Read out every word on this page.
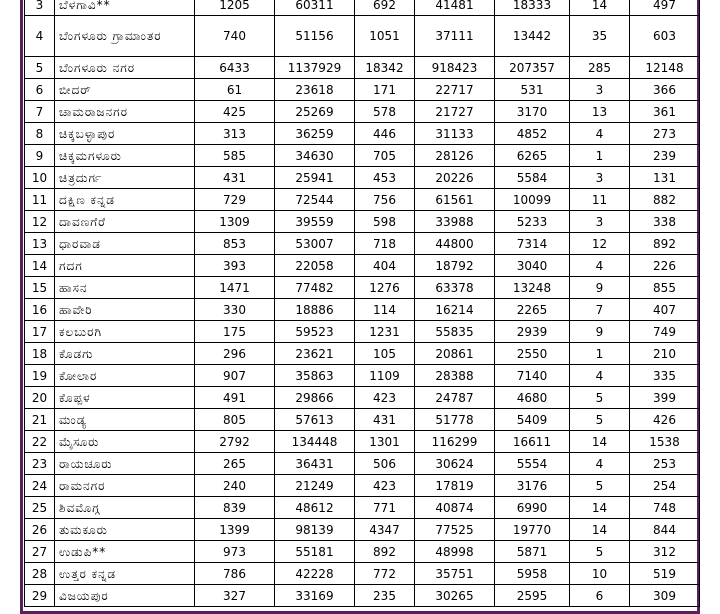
3	ಬೆಳಗಾವಿ**	1205	60311	692	41481	18333	14	497	
4	ಬೆಂಗಳೂರು ಗ್ರಾಮಾಂತರ	740	51156	1051	37111	13442	35	603	
5	ಬೆಂಗಳೂರು ನಗರ	6433	1137929	18342	918423	207357	285	12148	
6	ಬೀದರ್	61	23618	171	22717	531	3	366	
7	ಚಾಮರಾಜನಗರ	425	25269	578	21727	3170	13	361	
8	ಚಿಕ್ಕಬಳ್ಳಾಪುರ	313	36259	446	31133	4852	4	273	
9	ಚಿಕ್ಕಮಗಳೂರು	585	34630	705	28126	6265	1	239	
10	ಚಿತ್ರದುರ್ಗ	431	25941	453	20226	5584	3	131	
11	ದಕ್ಷಿಣ ಕನ್ನಡ	729	72544	756	61561	10099	11	882	
12	ದಾವಣಗೆರೆ	1309	39559	598	33988	5233	3	338	
13	ಧಾರವಾಡ	853	53007	718	44800	7314	12	892	
14	ಗದಗ	393	22058	404	18792	3040	4	226	
15	ಹಾಸನ	1471	77482	1276	63378	13248	9	855	
16	ಹಾವೇರಿ	330	18886	114	16214	2265	7	407	
17	ಕಲಬುರಗಿ	175	59523	1231	55835	2939	9	749	
18	ಕೊಡಗು	296	23621	105	20861	2550	1	210	
19	ಕೋಲಾರ	907	35863	1109	28388	7140	4	335	
20	ಕೊಪ್ಪಳ	491	29866	423	24787	4680	5	399	
21	ಮಂಡ್ಯ	805	57613	431	51778	5409	5	426	
22	ಮೈಸೂರು	2792	134448	1301	116299	16611	14	1538	
23	ರಾಯಚೂರು	265	36431	506	30624	5554	4	253	
24	ರಾಮನಗರ	240	21249	423	17819	3176	5	254	
25	ಶಿವಮೊಗ್ಗ	839	48612	771	40874	6990	14	748	
26	ತುಮಕೂರು	1399	98139	4347	77525	19770	14	844	
27	ಉಡುಪಿ**	973	55181	892	48998	5871	5	312	
28	ಉತ್ತರ ಕನ್ನಡ	786	42228	772	35751	5958	10	519	
29	ವಿಜಯಪುರ	327	33169	235	30265	2595	6	309	
